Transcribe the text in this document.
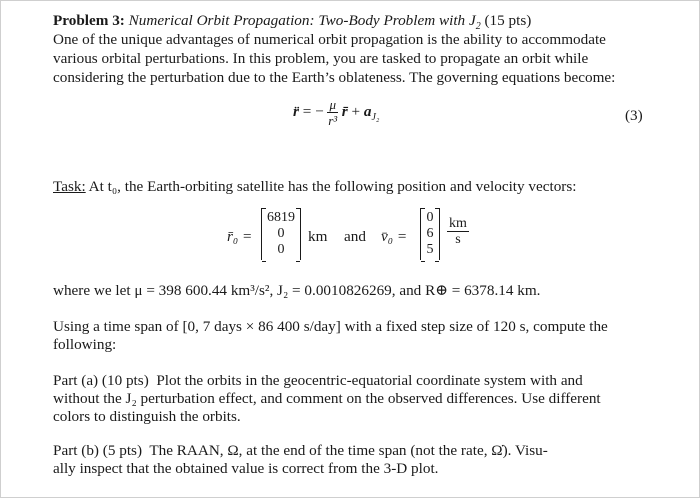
Problem 3: Numerical Orbit Propagation: Two-Body Problem with $J_2$ (15 pts)
One of the unique advantages of numerical orbit propagation is the ability to accommodate
various orbital perturbations. In this problem, you are tasked to propagate an orbit while
considering the perturbation due to the Earth’s oblateness. The governing equations become:
r̈ = − $\frac{\mu}{\text{r³}}$ r̄ + $a_{J_2}$	(3)
Task: At t₀, the Earth-orbiting satellite has the following position and velocity vectors:
r̄₀ =
6819
0
0
km and v̄₀ =
0
6
5
$\frac{km}{s}$
where we let μ = 398 600.44 km³/s², J₂ = 0.0010826269, and R⊕ = 6378.14 km.
Using a time span of [0, 7 days × 86 400 s/day] with a fixed step size of 120 s, compute the
following:
Part (a) (10 pts) Plot the orbits in the geocentric-equatorial coordinate system with and
without the J₂ perturbation effect, and comment on the observed differences. Use different
colors to distinguish the orbits.
Part (b) (5 pts) The RAAN, Ω, at the end of the time span (not the rate, Ω̇). Visu-
ally inspect that the obtained value is correct from the 3-D plot.
